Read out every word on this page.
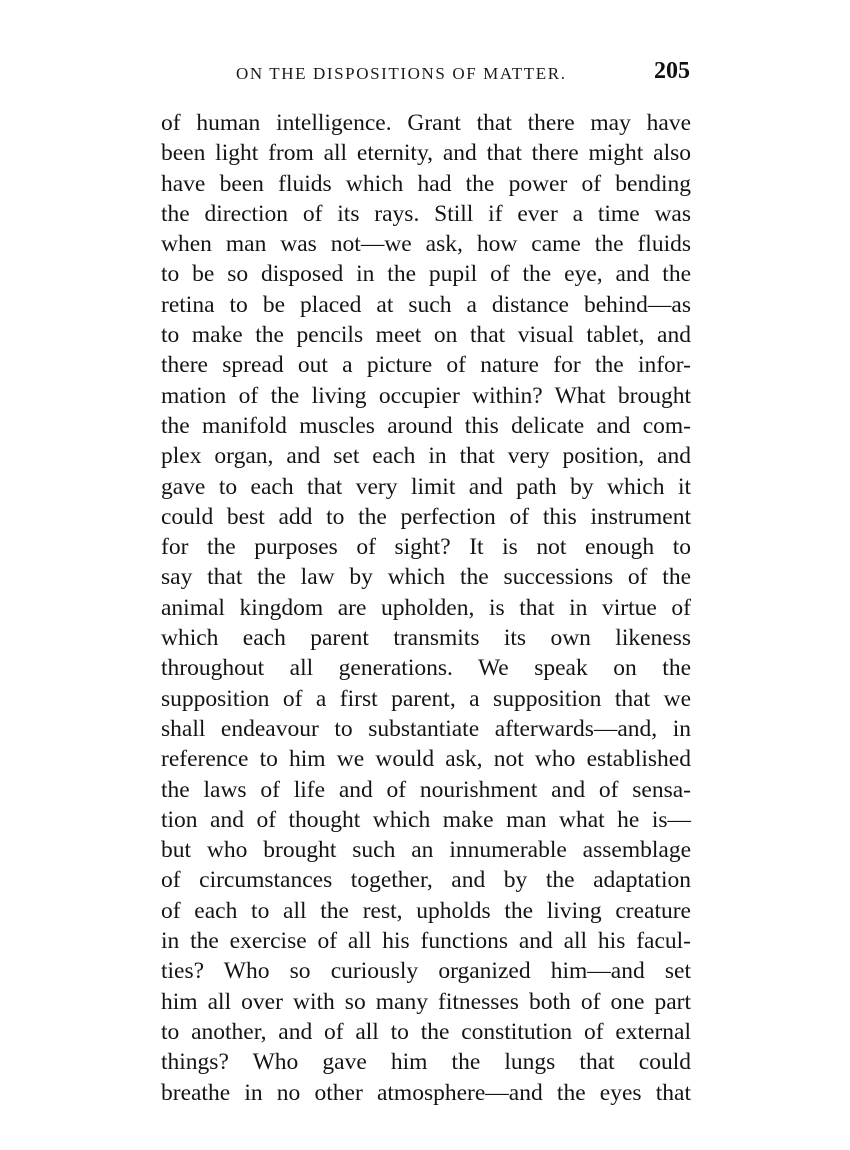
ON THE DISPOSITIONS OF MATTER.	205
of human intelligence. Grant that there may have
been light from all eternity, and that there might also
have been fluids which had the power of bending
the direction of its rays. Still if ever a time was
when man was not—we ask, how came the fluids
to be so disposed in the pupil of the eye, and the
retina to be placed at such a distance behind—as
to make the pencils meet on that visual tablet, and
there spread out a picture of nature for the infor-
mation of the living occupier within? What brought
the manifold muscles around this delicate and com-
plex organ, and set each in that very position, and
gave to each that very limit and path by which it
could best add to the perfection of this instrument
for the purposes of sight? It is not enough to
say that the law by which the successions of the
animal kingdom are upholden, is that in virtue of
which each parent transmits its own likeness
throughout all generations. We speak on the
supposition of a first parent, a supposition that we
shall endeavour to substantiate afterwards—and, in
reference to him we would ask, not who established
the laws of life and of nourishment and of sensa-
tion and of thought which make man what he is—
but who brought such an innumerable assemblage
of circumstances together, and by the adaptation
of each to all the rest, upholds the living creature
in the exercise of all his functions and all his facul-
ties? Who so curiously organized him—and set
him all over with so many fitnesses both of one part
to another, and of all to the constitution of external
things? Who gave him the lungs that could
breathe in no other atmosphere—and the eyes that
